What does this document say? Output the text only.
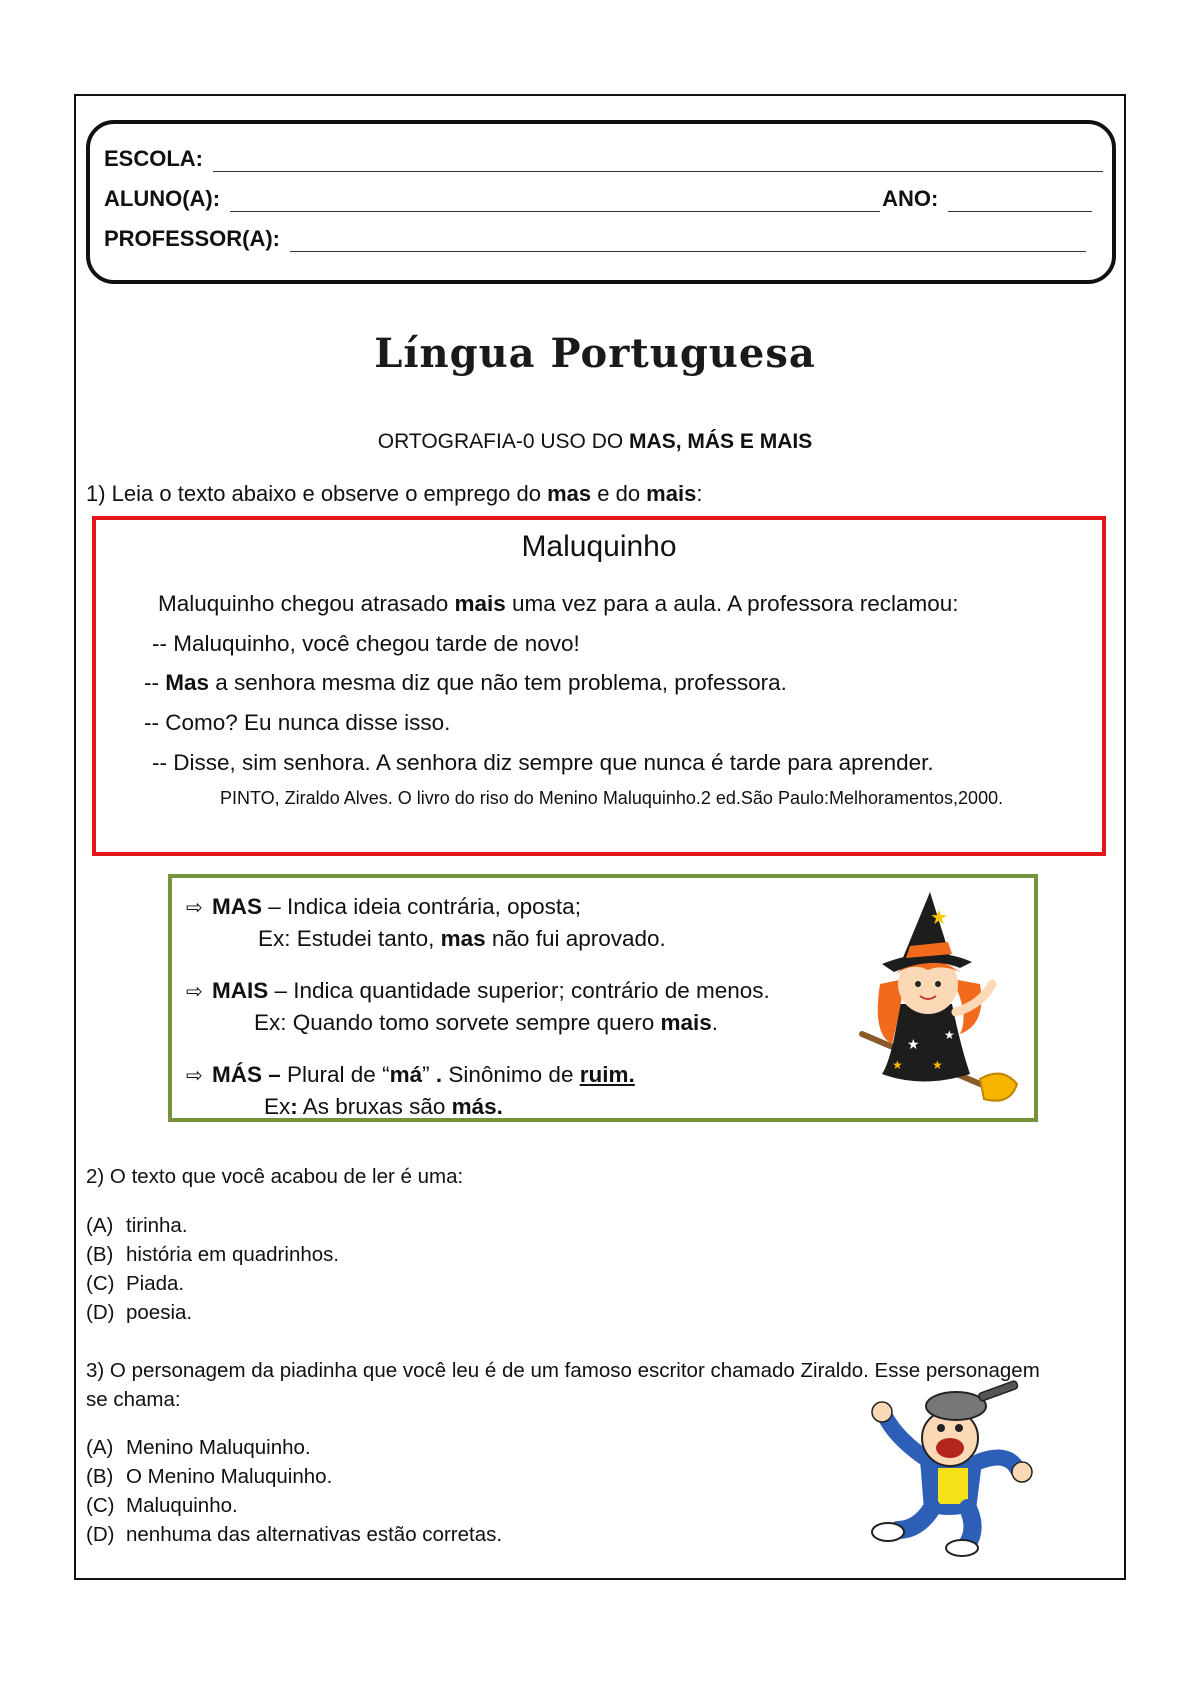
ESCOLA:
ALUNO(A):	ANO:
PROFESSOR(A):
Língua Portuguesa
ORTOGRAFIA-0 USO DO MAS, MÁS E MAIS
1) Leia o texto abaixo e observe o emprego do mas e do mais:
Maluquinho
Maluquinho chegou atrasado mais uma vez para a aula. A professora reclamou:
-- Maluquinho, você chegou tarde de novo!
-- Mas a senhora mesma diz que não tem problema, professora.
-- Como? Eu nunca disse isso.
-- Disse, sim senhora. A senhora diz sempre que nunca é tarde para aprender.
PINTO, Ziraldo Alves. O livro do riso do Menino Maluquinho.2 ed.São Paulo:Melhoramentos,2000.
⇨ MAS – Indica ideia contrária, oposta;
Ex: Estudei tanto, mas não fui aprovado.
⇨ MAIS – Indica quantidade superior; contrário de menos.
Ex: Quando tomo sorvete sempre quero mais.
⇨ MÁS – Plural de “má” . Sinônimo de ruim.
Ex: As bruxas são más.
★
★
★
★
★
2) O texto que você acabou de ler é uma:
(A) tirinha.
(B) história em quadrinhos.
(C) Piada.
(D) poesia.
3) O personagem da piadinha que você leu é de um famoso escritor chamado Ziraldo. Esse personagem
se chama:
(A) Menino Maluquinho.
(B) O Menino Maluquinho.
(C) Maluquinho.
(D) nenhuma das alternativas estão corretas.
